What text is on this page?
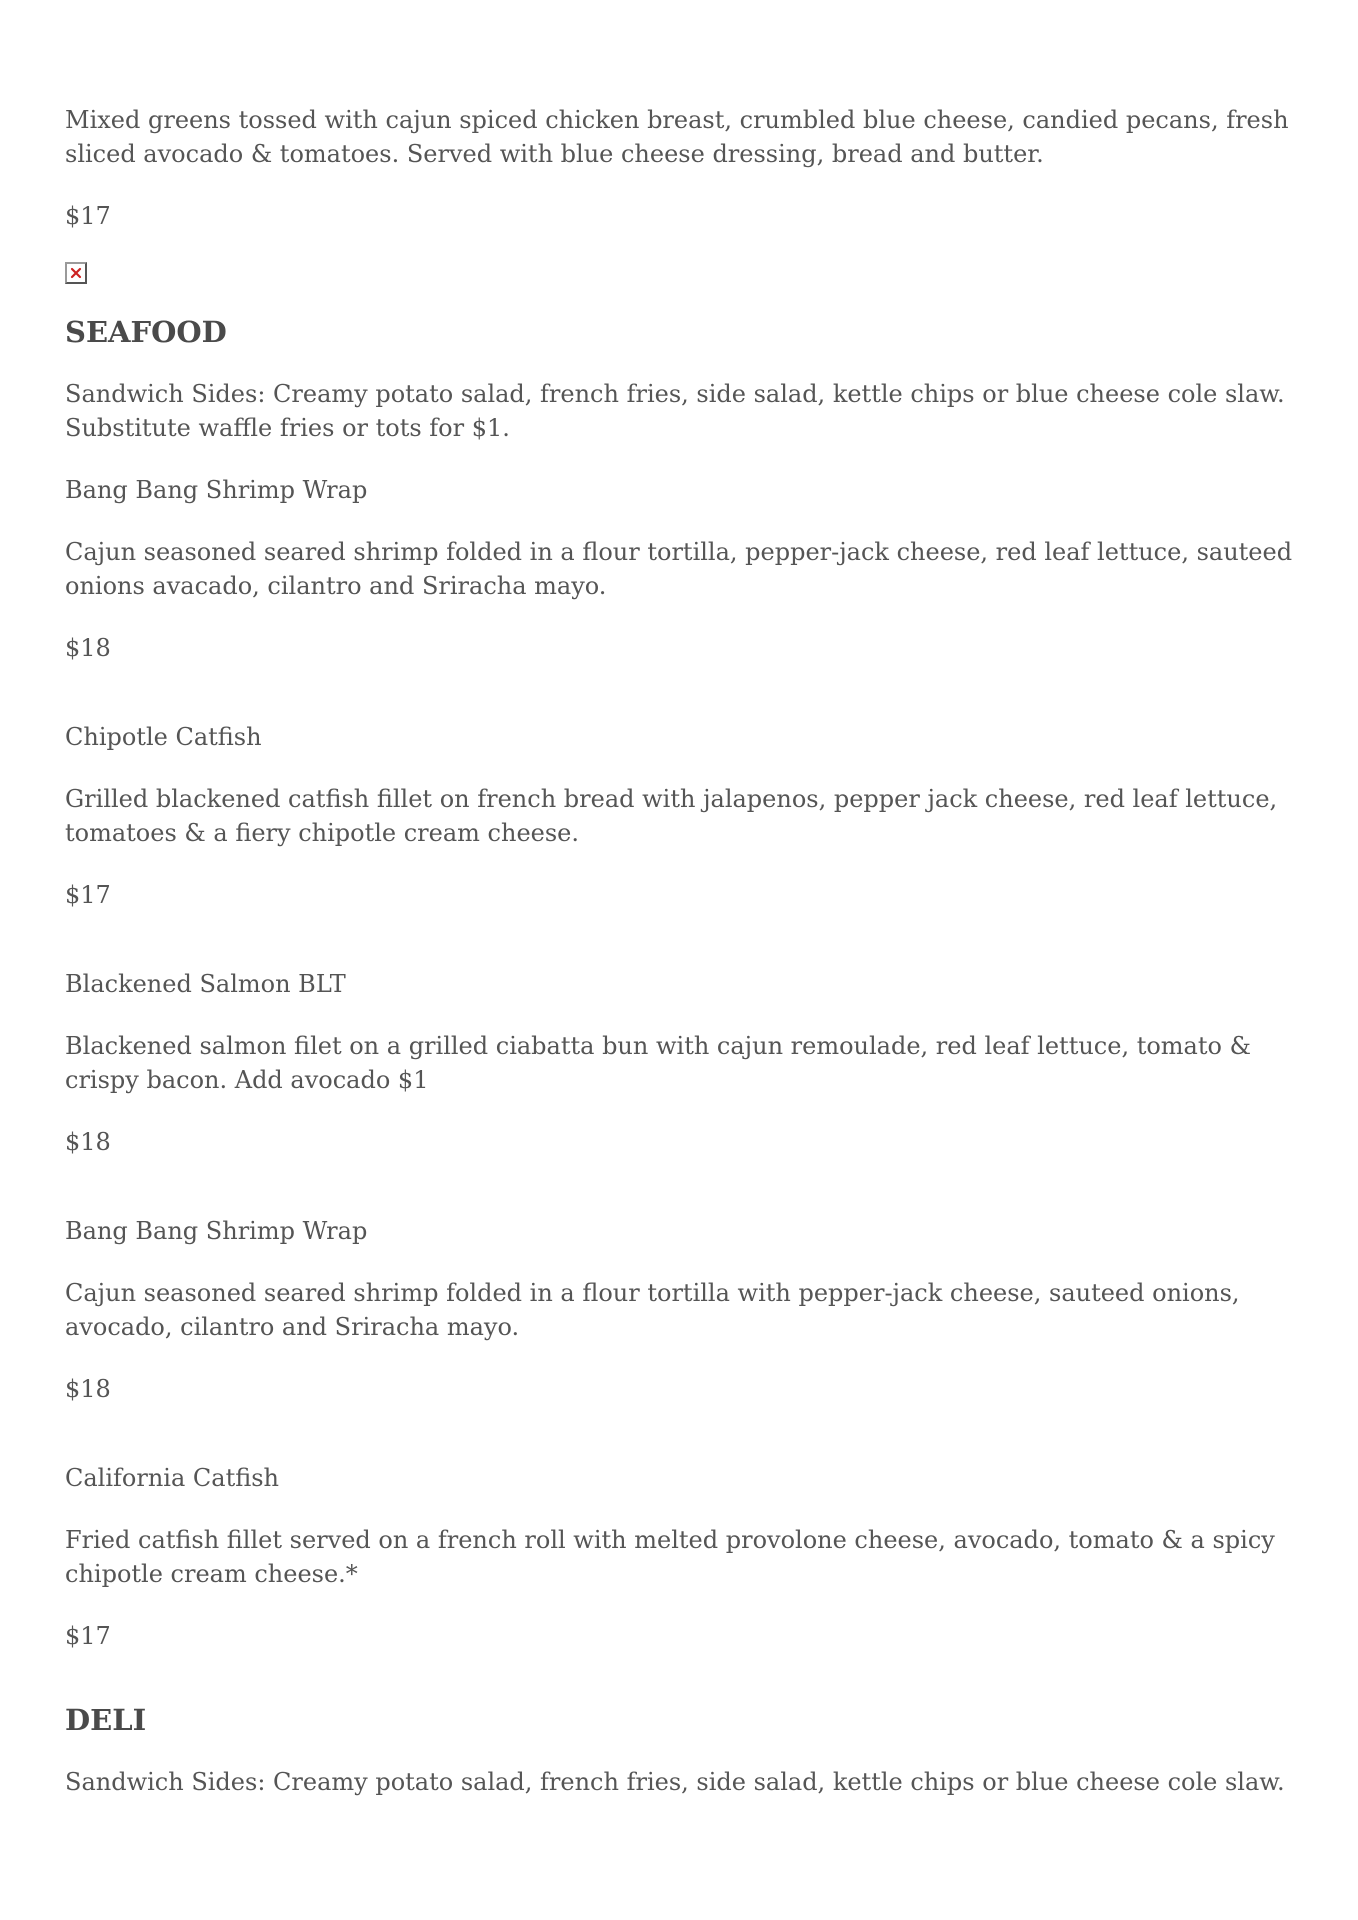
Mixed greens tossed with cajun spiced chicken breast, crumbled blue cheese, candied pecans, fresh sliced avocado & tomatoes. Served with blue cheese dressing, bread and butter.

$17

SEAFOOD

Sandwich Sides: Creamy potato salad, french fries, side salad, kettle chips or blue cheese cole slaw. Substitute waffle fries or tots for $1.

Bang Bang Shrimp Wrap

Cajun seasoned seared shrimp folded in a flour tortilla, pepper-jack cheese, red leaf lettuce, sauteed onions avacado, cilantro and Sriracha mayo.

$18

Chipotle Catfish

Grilled blackened catfish fillet on french bread with jalapenos, pepper jack cheese, red leaf lettuce, tomatoes & a fiery chipotle cream cheese.

$17

Blackened Salmon BLT

Blackened salmon filet on a grilled ciabatta bun with cajun remoulade, red leaf lettuce, tomato & crispy bacon. Add avocado $1

$18

Bang Bang Shrimp Wrap

Cajun seasoned seared shrimp folded in a flour tortilla with pepper-jack cheese, sauteed onions, avocado, cilantro and Sriracha mayo.

$18

California Catfish

Fried catfish fillet served on a french roll with melted provolone cheese, avocado, tomato & a spicy chipotle cream cheese.*

$17

DELI

Sandwich Sides: Creamy potato salad, french fries, side salad, kettle chips or blue cheese cole slaw.
